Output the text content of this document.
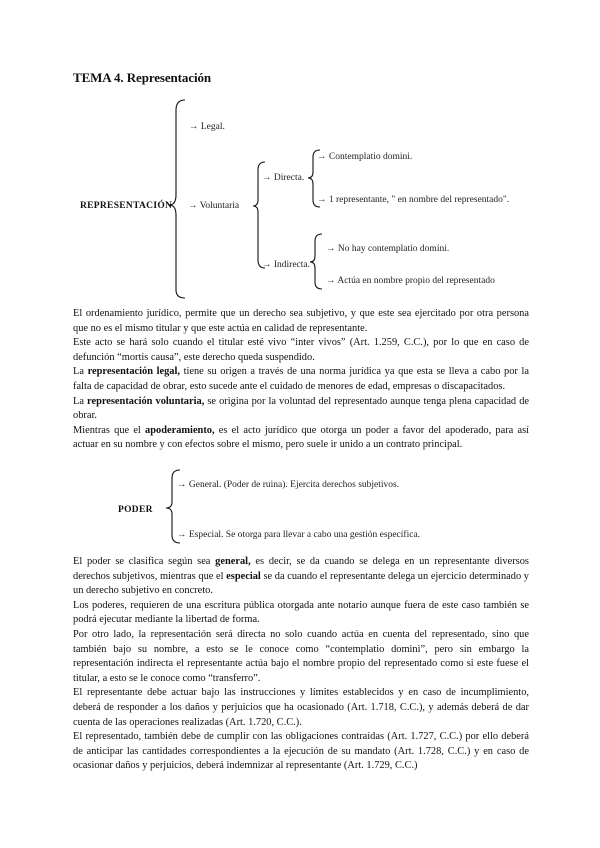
TEMA 4. Representación
REPRESENTACIÓN
→ Legal.
→ Voluntaria
→ Directa.
→ Contemplatio domini.
→ 1 representante, " en nombre del representado".
→ Indirecta.
→ No hay contemplatio domini.
→ Actúa en nombre propio del representado

El ordenamiento jurídico, permite que un derecho sea subjetivo, y que este sea ejercitado por otra persona que no es el mismo titular y que este actúa en calidad de representante.

Este acto se hará solo cuando el titular esté vivo “inter vivos” (Art. 1.259, C.C.), por lo que en caso de defunción “mortis causa”, este derecho queda suspendido.

La representación legal, tiene su origen a través de una norma jurídica ya que esta se lleva a cabo por la falta de capacidad de obrar, esto sucede ante el cuidado de menores de edad, empresas o discapacitados.

La representación voluntaria, se origina por la voluntad del representado aunque tenga plena capacidad de obrar.

Mientras que el apoderamiento, es el acto jurídico que otorga un poder a favor del apoderado, para así actuar en su nombre y con efectos sobre el mismo, pero suele ir unido a un contrato principal.

PODER
→ General. (Poder de ruina). Ejercita derechos subjetivos.
→ Especial. Se otorga para llevar a cabo una gestión específica.

El poder se clasifica según sea general, es decir, se da cuando se delega en un representante diversos derechos subjetivos, mientras que el especial se da cuando el representante delega un ejercicio determinado y un derecho subjetivo en concreto.

Los poderes, requieren de una escritura pública otorgada ante notario aunque fuera de este caso también se podrá ejecutar mediante la libertad de forma.

Por otro lado, la representación será directa no solo cuando actúa en cuenta del representado, sino que también bajo su nombre, a esto se le conoce como “contemplatio domini”, pero sin embargo la representación indirecta el representante actúa bajo el nombre propio del representado como si este fuese el titular, a esto se le conoce como “transferro”.

El representante debe actuar bajo las instrucciones y límites establecidos y en caso de incumplimiento, deberá de responder a los daños y perjuicios que ha ocasionado (Art. 1.718, C.C.), y además deberá de dar cuenta de las operaciones realizadas (Art. 1.720, C.C.).

El representado, también debe de cumplir con las obligaciones contraídas (Art. 1.727, C.C.) por ello deberá de anticipar las cantidades correspondientes a la ejecución de su mandato (Art. 1.728, C.C.) y en caso de ocasionar daños y perjuicios, deberá indemnizar al representante (Art. 1.729, C.C.)
